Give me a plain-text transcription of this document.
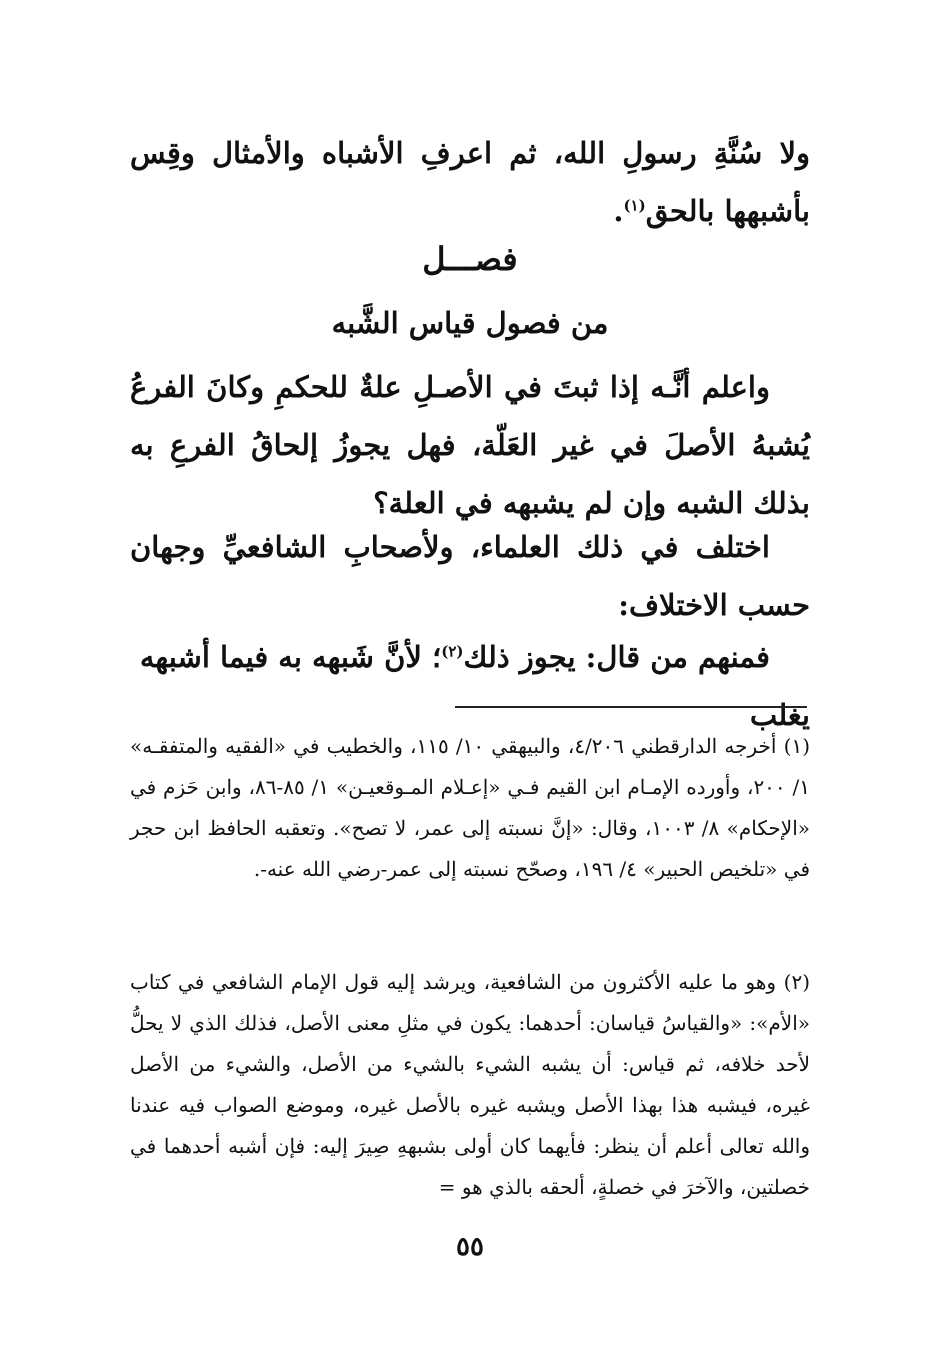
ولا سُنَّةِ رسولِ الله، ثم اعرفِ الأشباه والأمثال وقِس بأشبهها بالحق$^{(١)}$.
فصـــل
من فصول قياس الشَّبه
واعلم أنَّـه إذا ثبتَ في الأصـلِ علةٌ للحكمِ وكانَ الفرعُ يُشبهُ الأصلَ في غير العَلّة، فهل يجوزُ إلحاقُ الفرعِ به بذلك الشبه وإن لم يشبهه في العلة؟
اختلف في ذلك العلماء، ولأصحابِ الشافعيِّ وجهان حسب الاختلاف:
فمنهم من قال: يجوز ذلك$^{(٢)}$؛ لأنَّ شَبهه به فيما أشبهه يغلب
(١) أخرجه الدارقطني ٤/٢٠٦، والبيهقي ١٠/ ١١٥، والخطيب في «الفقيه والمتفقـه» ١/ ٢٠٠، وأورده الإمـام ابن القيم فـي «إعـلام المـوقعيـن» ١/ ٨٥-٨٦، وابن حَزم في «الإحكام» ٨/ ١٠٠٣، وقال: «إنَّ نسبته إلى عمر، لا تصح». وتعقبه الحافظ ابن حجر في «تلخيص الحبير» ٤/ ١٩٦، وصحّح نسبته إلى عمر-رضي الله عنه-.
(٢) وهو ما عليه الأكثرون من الشافعية، ويرشد إليه قول الإمام الشافعي في كتاب «الأم»: «والقياسُ قياسان: أحدهما: يكون في مثلِ معنى الأصل، فذلك الذي لا يحلُّ لأحد خلافه، ثم قياس: أن يشبه الشيء بالشيء من الأصل، والشيء من الأصل غيره، فيشبه هذا بهذا الأصل ويشبه غيره بالأصل غيره، وموضع الصواب فيه عندنا والله تعالى أعلم أن ينظر: فأيهما كان أولى بشبههِ صِيرَ إليه: فإن أشبه أحدهما في خصلتين، والآخرَ في خصلةٍ، ألحقه بالذي هو =
٥٥
